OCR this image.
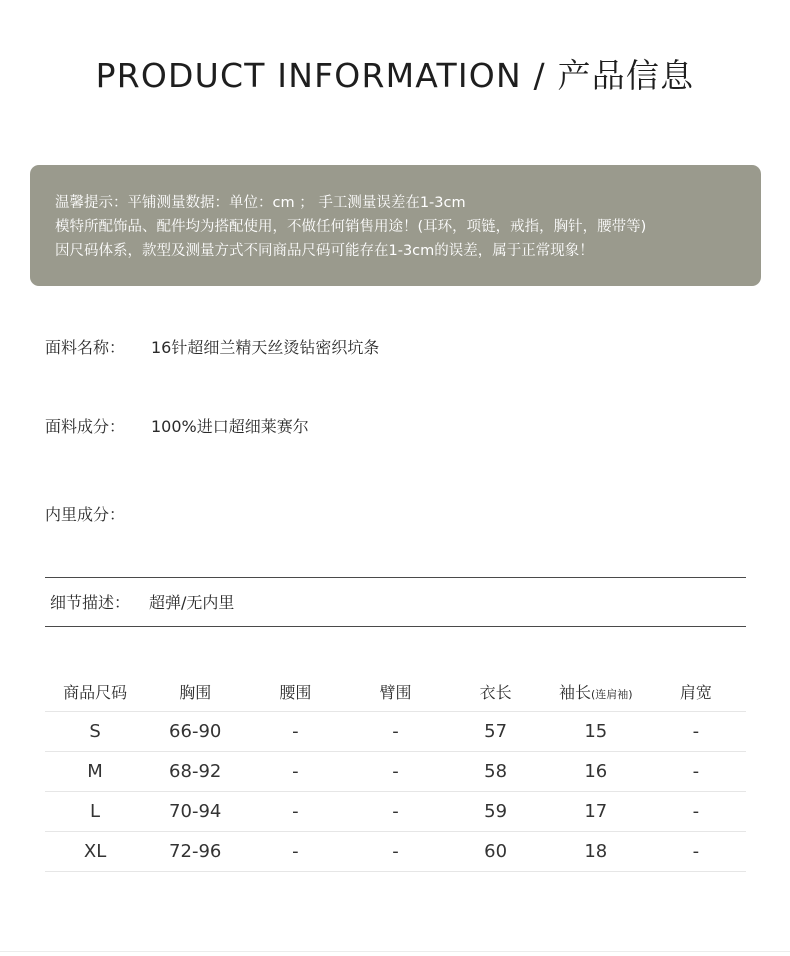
PRODUCT INFORMATION / 产品信息
温馨提示：平铺测量数据：单位：cm ； 手工测量误差在1-3cm
模特所配饰品、配件均为搭配使用，不做任何销售用途！(耳环，项链，戒指，胸针，腰带等)
因尺码体系，款型及测量方式不同商品尺码可能存在1-3cm的误差，属于正常现象！
面料名称： 16针超细兰精天丝烫钻密织坑条
面料成分： 100%进口超细莱赛尔
内里成分：
细节描述： 超弹/无内里
商品尺码	胸围	腰围	臂围	衣长	袖长(连肩袖)	肩宽
S	66-90	-	-	57	15	-
M	68-92	-	-	58	16	-
L	70-94	-	-	59	17	-
XL	72-96	-	-	60	18	-
